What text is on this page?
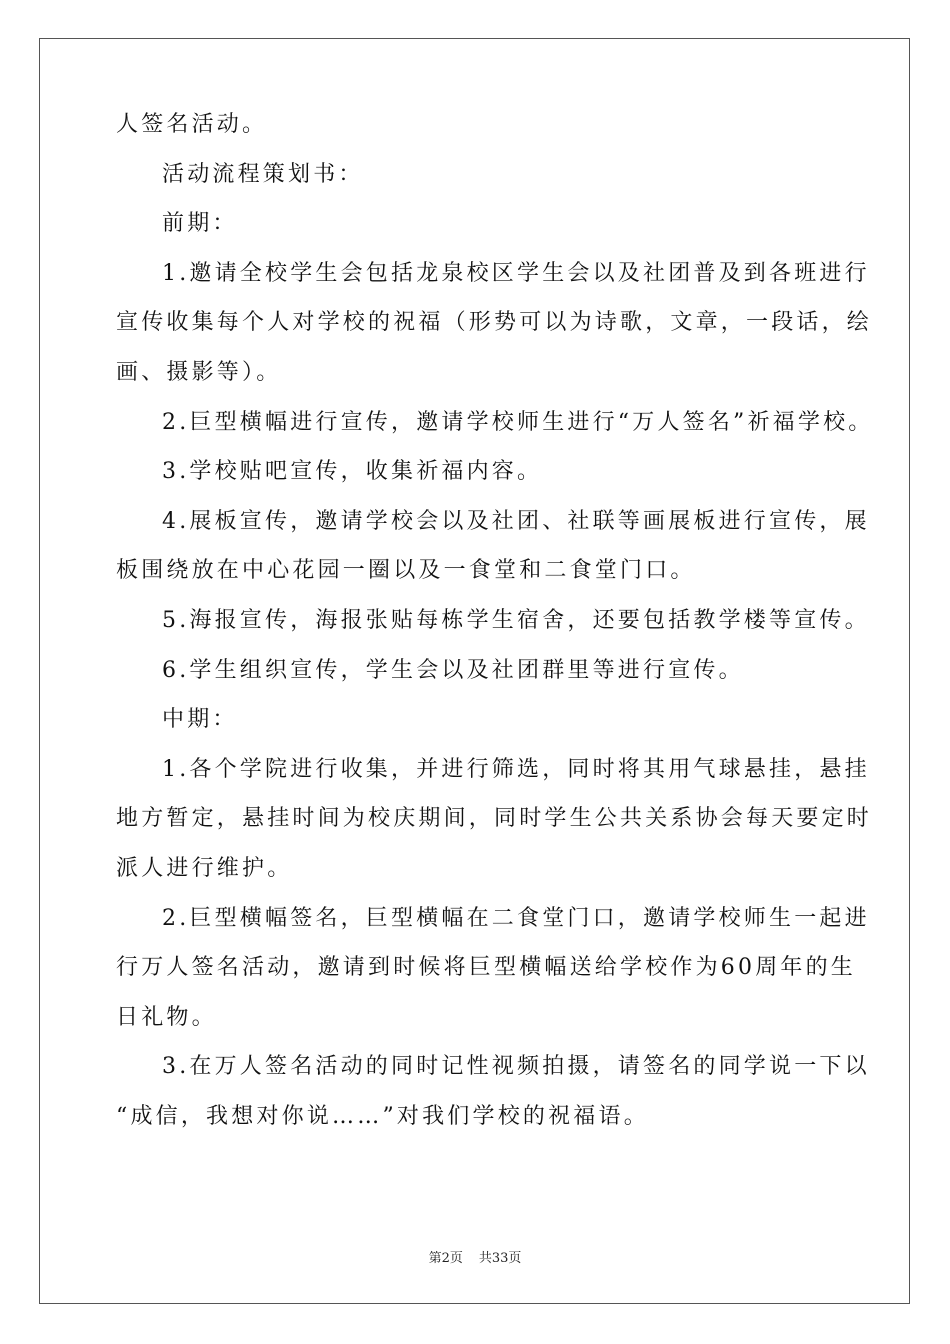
人签名活动。
活动流程策划书：
前期：
1.邀请全校学生会包括龙泉校区学生会以及社团普及到各班进行
宣传收集每个人对学校的祝福（形势可以为诗歌，文章，一段话，绘
画、摄影等）。
2.巨型横幅进行宣传，邀请学校师生进行“万人签名”祈福学校。
3.学校贴吧宣传，收集祈福内容。
4.展板宣传，邀请学校会以及社团、社联等画展板进行宣传，展
板围绕放在中心花园一圈以及一食堂和二食堂门口。
5.海报宣传，海报张贴每栋学生宿舍，还要包括教学楼等宣传。
6.学生组织宣传，学生会以及社团群里等进行宣传。
中期：
1.各个学院进行收集，并进行筛选，同时将其用气球悬挂，悬挂
地方暂定，悬挂时间为校庆期间，同时学生公共关系协会每天要定时
派人进行维护。
2.巨型横幅签名，巨型横幅在二食堂门口，邀请学校师生一起进
行万人签名活动，邀请到时候将巨型横幅送给学校作为60周年的生
日礼物。
3.在万人签名活动的同时记性视频拍摄，请签名的同学说一下以
“成信，我想对你说……”对我们学校的祝福语。
第2页 共33页
